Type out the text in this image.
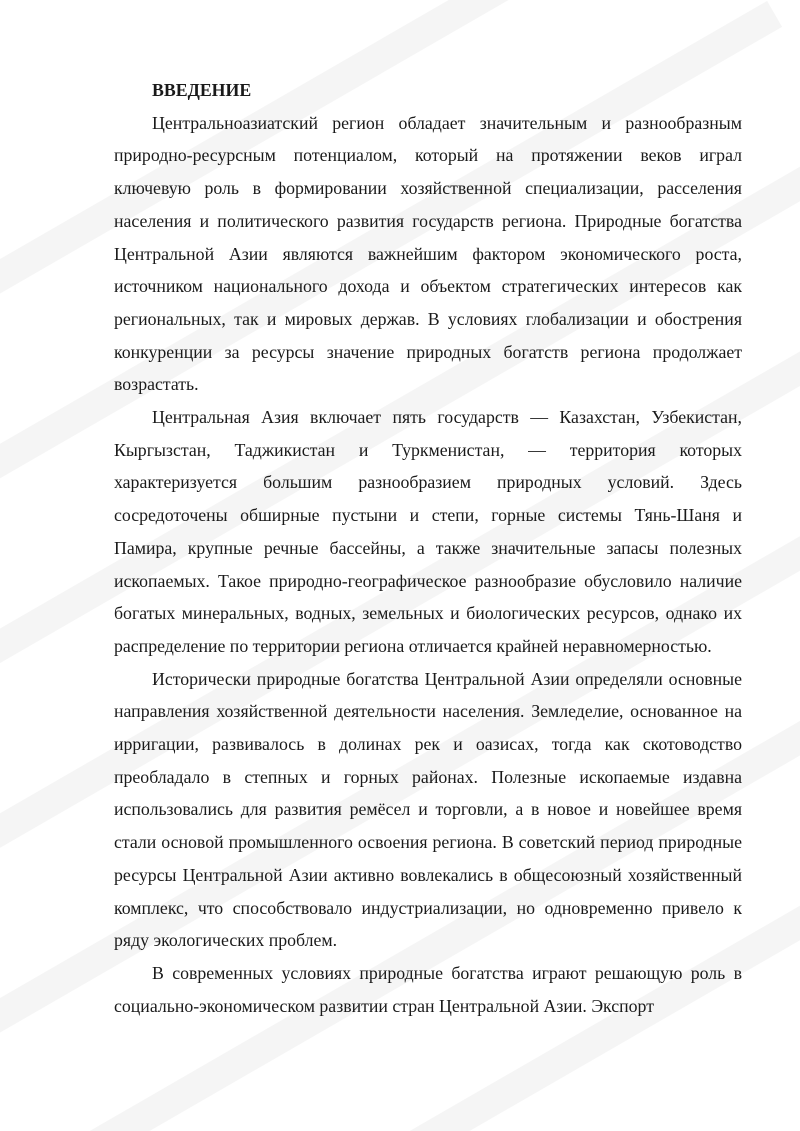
ВВЕДЕНИЕ

Центральноазиатский регион обладает значительным и разнообразным природно-ресурсным потенциалом, который на протяжении веков играл ключевую роль в формировании хозяйственной специализации, расселения населения и политического развития государств региона. Природные богатства Центральной Азии являются важнейшим фактором экономического роста, источником национального дохода и объектом стратегических интересов как региональных, так и мировых держав. В условиях глобализации и обострения конкуренции за ресурсы значение природных богатств региона продолжает возрастать.

Центральная Азия включает пять государств — Казахстан, Узбекистан, Кыргызстан, Таджикистан и Туркменистан, — территория которых характеризуется большим разнообразием природных условий. Здесь сосредоточены обширные пустыни и степи, горные системы Тянь-Шаня и Памира, крупные речные бассейны, а также значительные запасы полезных ископаемых. Такое природно-географическое разнообразие обусловило наличие богатых минеральных, водных, земельных и биологических ресурсов, однако их распределение по территории региона отличается крайней неравномерностью.

Исторически природные богатства Центральной Азии определяли основные направления хозяйственной деятельности населения. Земледелие, основанное на ирригации, развивалось в долинах рек и оазисах, тогда как скотоводство преобладало в степных и горных районах. Полезные ископаемые издавна использовались для развития ремёсел и торговли, а в новое и новейшее время стали основой промышленного освоения региона. В советский период природные ресурсы Центральной Азии активно вовлекались в общесоюзный хозяйственный комплекс, что способствовало индустриализации, но одновременно привело к ряду экологических проблем.

В современных условиях природные богатства играют решающую роль в социально-экономическом развитии стран Центральной Азии. Экспорт
